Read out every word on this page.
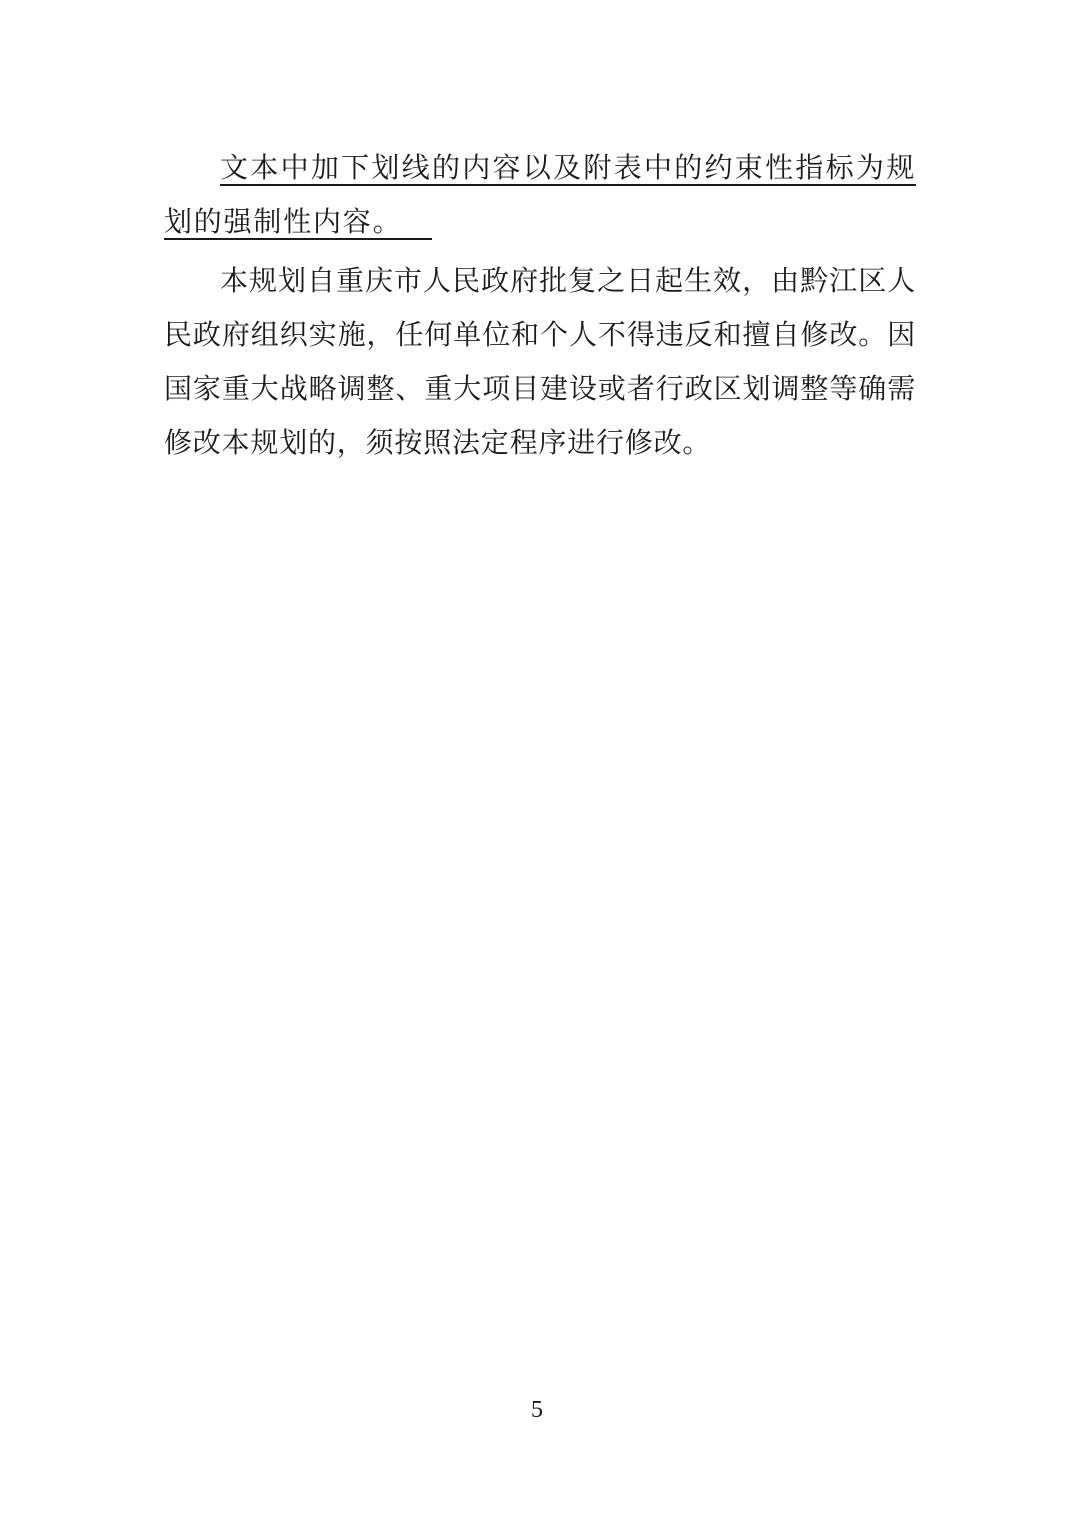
文本中加下划线的内容以及附表中的约束性指标为规划的强制性内容。

本规划自重庆市人民政府批复之日起生效，由黔江区人民政府组织实施，任何单位和个人不得违反和擅自修改。因国家重大战略调整、重大项目建设或者行政区划调整等确需修改本规划的，须按照法定程序进行修改。

5
